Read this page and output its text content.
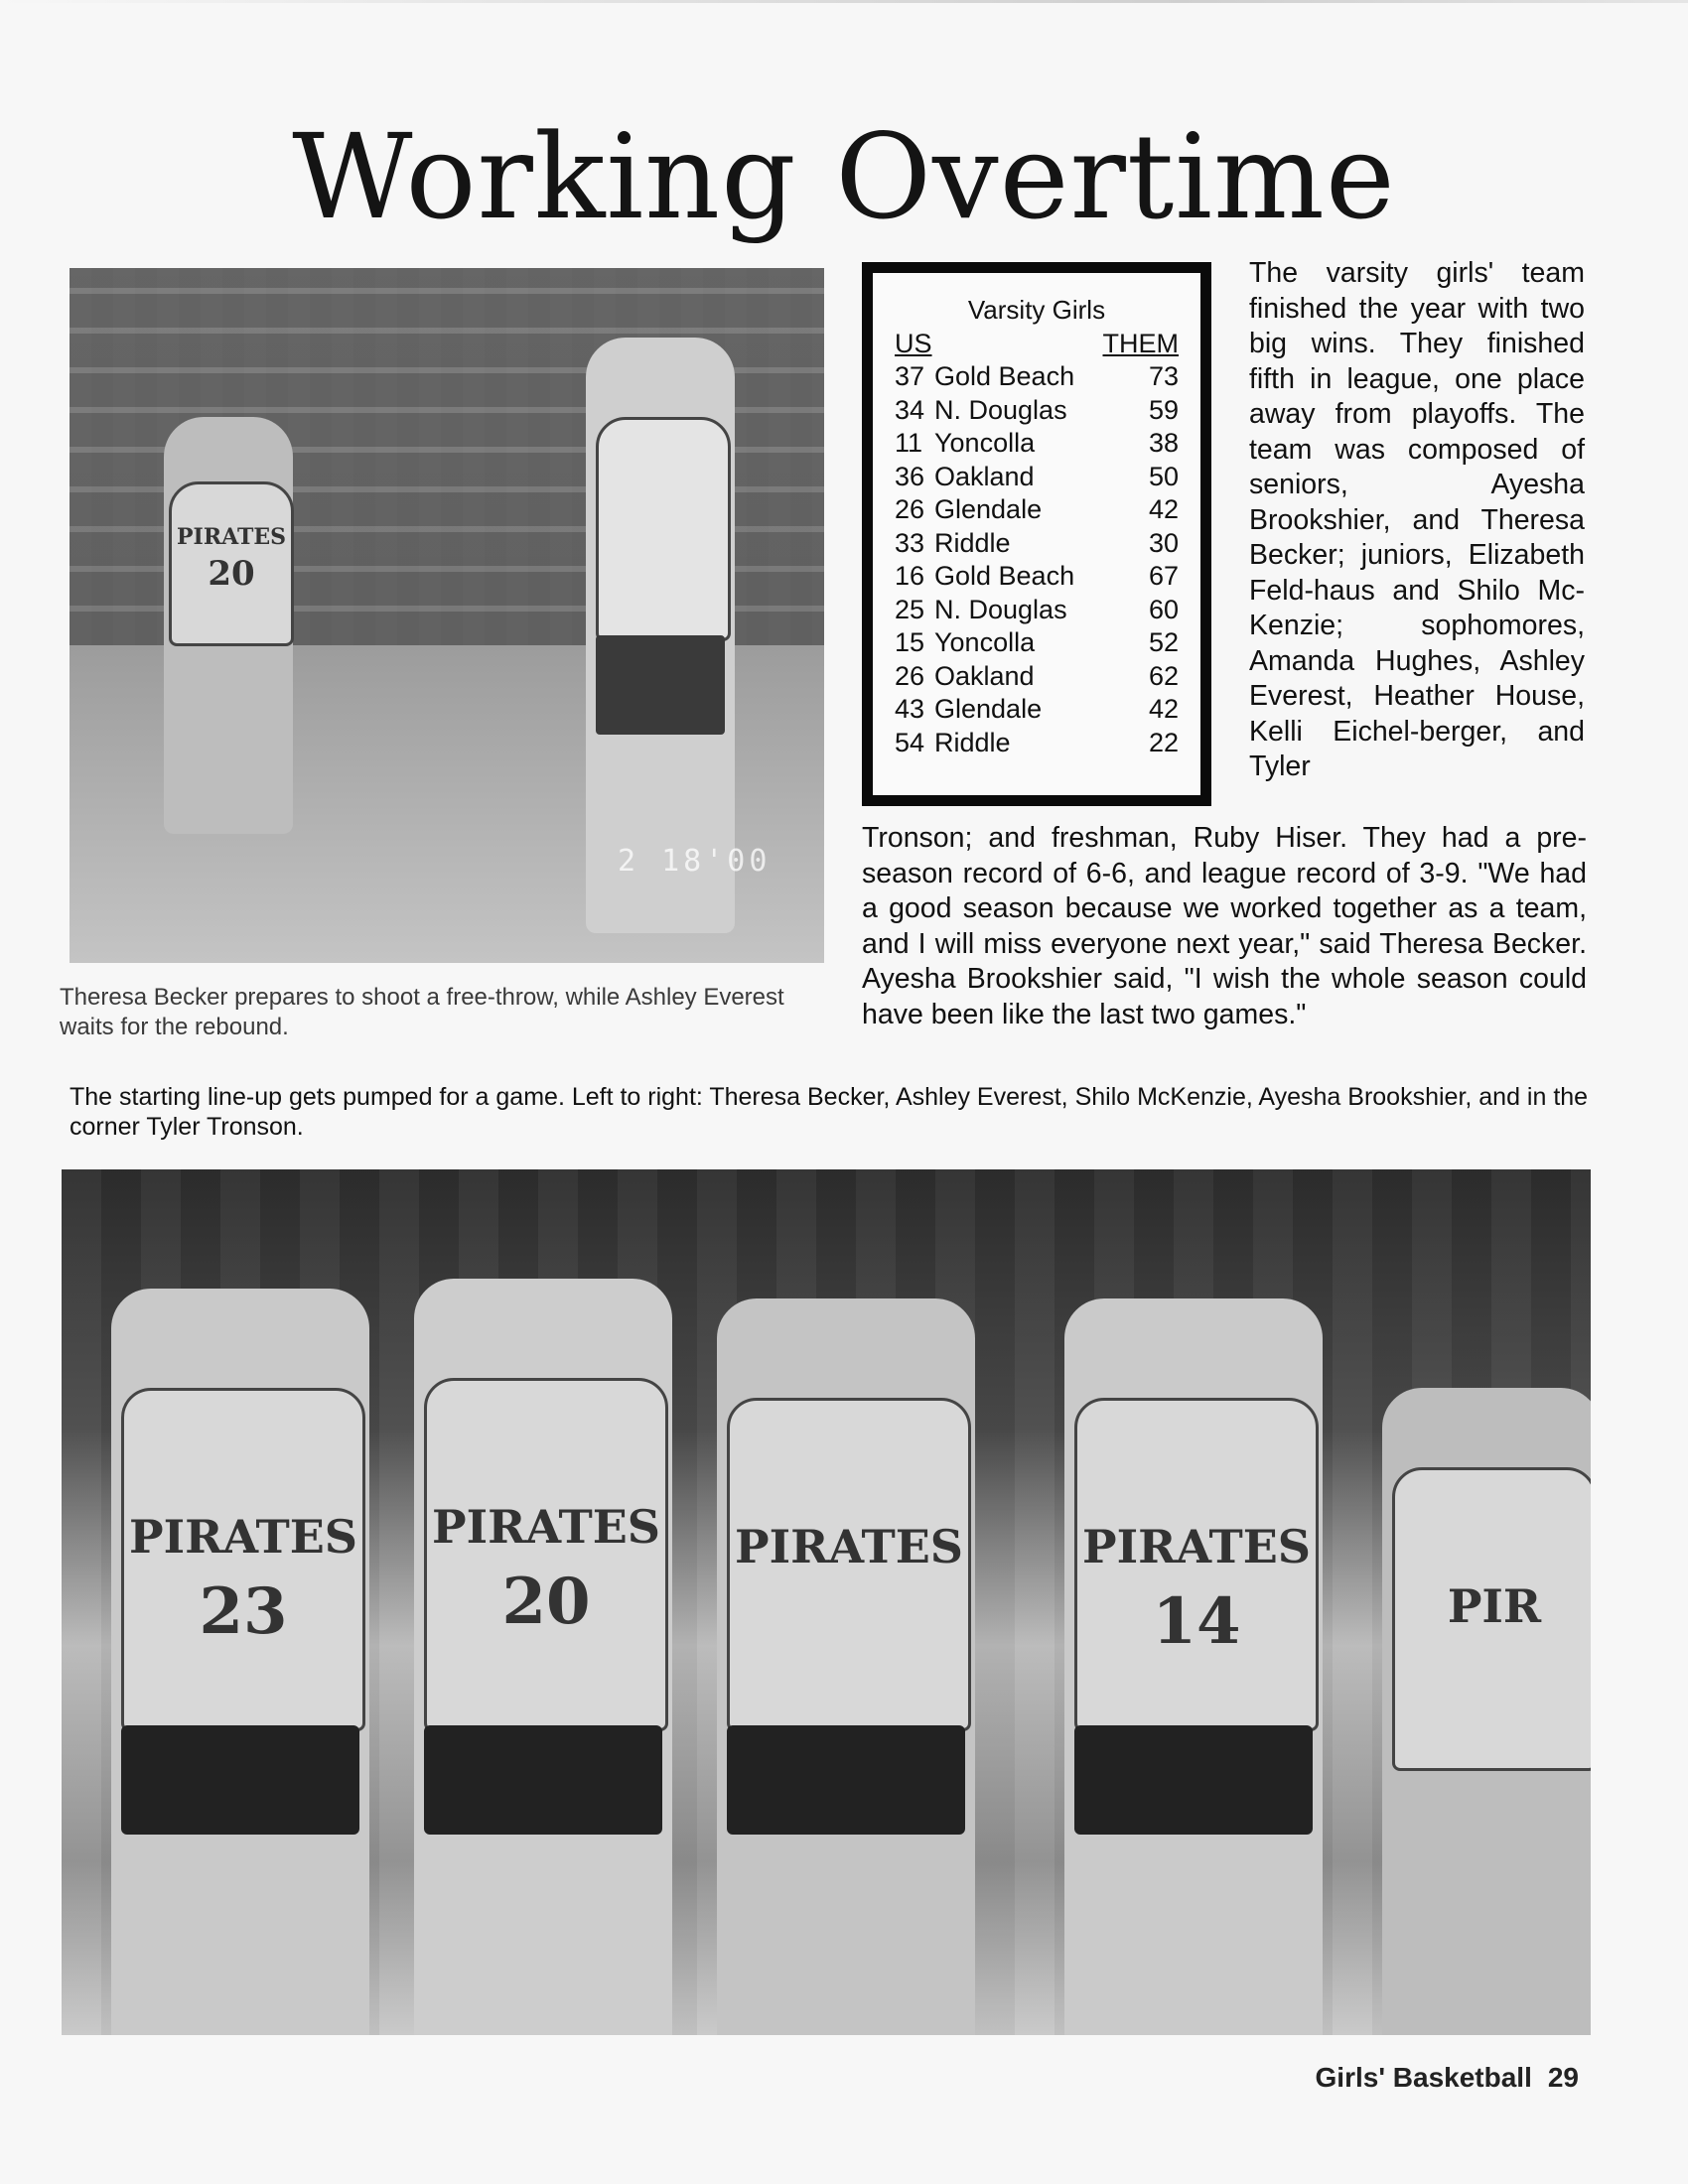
Working Overtime
PIRATES
20
2 18'00
Theresa Becker prepares to shoot a free-throw, while Ashley Everest waits for the rebound.
Varsity Girls
US	THEM
37 Gold Beach	73
34 N. Douglas	59
11 Yoncolla	38
36 Oakland	50
26 Glendale	42
33 Riddle	30
16 Gold Beach	67
25 N. Douglas	60
15 Yoncolla	52
26 Oakland	62
43 Glendale	42
54 Riddle	22
The varsity girls' team finished the year with two big wins. They finished fifth in league, one place away from playoffs. The team was composed of seniors, Ayesha Brookshier, and Theresa Becker; juniors, Elizabeth Feld-haus and Shilo Mc-Kenzie; sophomores, Amanda Hughes, Ashley Everest, Heather House, Kelli Eichel-berger, and Tyler
Tronson; and freshman, Ruby Hiser. They had a pre-season record of 6-6, and league record of 3-9. "We had a good season because we worked together as a team, and I will miss everyone next year," said Theresa Becker. Ayesha Brookshier said, "I wish the whole season could have been like the last two games."
The starting line-up gets pumped for a game. Left to right: Theresa Becker, Ashley Everest, Shilo McKenzie, Ayesha Brookshier, and in the corner Tyler Tronson.
PIRATES
23
PIRATES
20
PIRATES	PIRATES
14	PIR
Girls' Basketball 29
